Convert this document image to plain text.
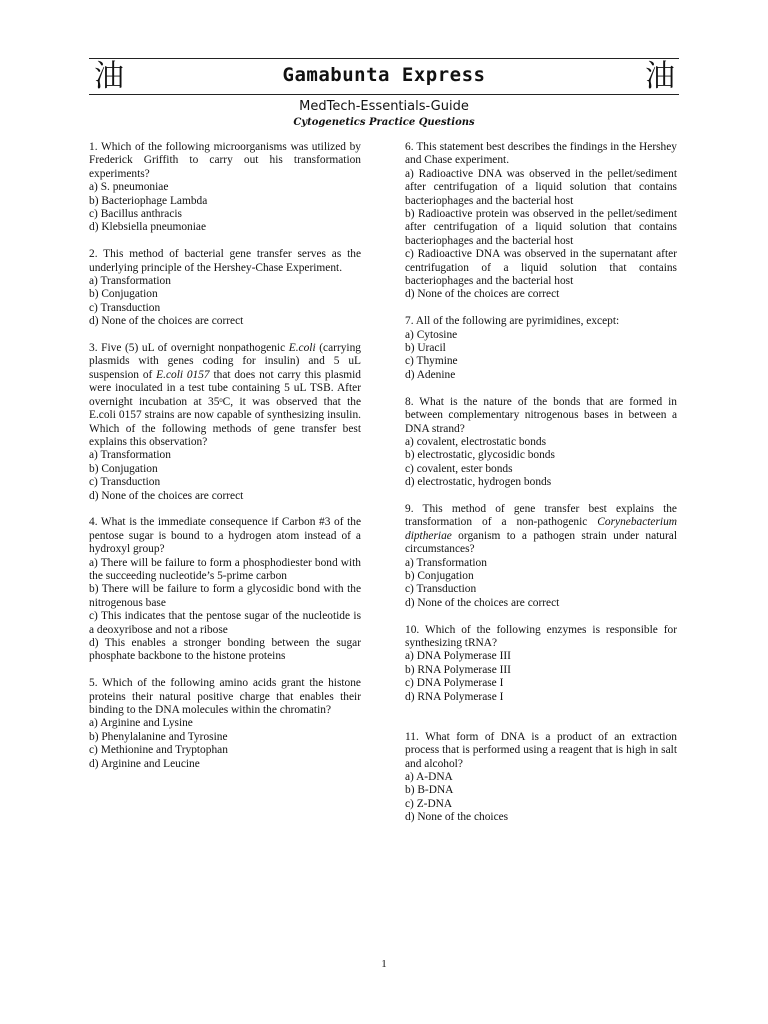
油	Gamabunta Express	油
MedTech-Essentials-Guide
Cytogenetics Practice Questions
1. Which of the following microorganisms was utilized by Frederick Griffith to carry out his transformation experiments?
a) S. pneumoniae
b) Bacteriophage Lambda
c) Bacillus anthracis
d) Klebsiella pneumoniae
2. This method of bacterial gene transfer serves as the underlying principle of the Hershey-Chase Experiment.
a) Transformation
b) Conjugation
c) Transduction
d) None of the choices are correct
3. Five (5) uL of overnight nonpathogenic E.coli (carrying plasmids with genes coding for insulin) and 5 uL suspension of E.coli 0157 that does not carry this plasmid were inoculated in a test tube containing 5 uL TSB. After overnight incubation at 35ᵒC, it was observed that the E.coli 0157 strains are now capable of synthesizing insulin. Which of the following methods of gene transfer best explains this observation?
a) Transformation
b) Conjugation
c) Transduction
d) None of the choices are correct
4. What is the immediate consequence if Carbon #3 of the pentose sugar is bound to a hydrogen atom instead of a hydroxyl group?
a) There will be failure to form a phosphodiester bond with the succeeding nucleotide’s 5-prime carbon
b) There will be failure to form a glycosidic bond with the nitrogenous base
c) This indicates that the pentose sugar of the nucleotide is a deoxyribose and not a ribose
d) This enables a stronger bonding between the sugar phosphate backbone to the histone proteins
5. Which of the following amino acids grant the histone proteins their natural positive charge that enables their binding to the DNA molecules within the chromatin?
a) Arginine and Lysine
b) Phenylalanine and Tyrosine
c) Methionine and Tryptophan
d) Arginine and Leucine
6. This statement best describes the findings in the Hershey and Chase experiment.
a) Radioactive DNA was observed in the pellet/sediment after centrifugation of a liquid solution that contains bacteriophages and the bacterial host
b) Radioactive protein was observed in the pellet/sediment after centrifugation of a liquid solution that contains bacteriophages and the bacterial host
c) Radioactive DNA was observed in the supernatant after centrifugation of a liquid solution that contains bacteriophages and the bacterial host
d) None of the choices are correct
7. All of the following are pyrimidines, except:
a) Cytosine
b) Uracil
c) Thymine
d) Adenine
8. What is the nature of the bonds that are formed in between complementary nitrogenous bases in between a DNA strand?
a) covalent, electrostatic bonds
b) electrostatic, glycosidic bonds
c) covalent, ester bonds
d) electrostatic, hydrogen bonds
9. This method of gene transfer best explains the transformation of a non-pathogenic Corynebacterium diptheriae organism to a pathogen strain under natural circumstances?
a) Transformation
b) Conjugation
c) Transduction
d) None of the choices are correct
10. Which of the following enzymes is responsible for synthesizing tRNA?
a) DNA Polymerase III
b) RNA Polymerase III
c) DNA Polymerase I
d) RNA Polymerase I
11. What form of DNA is a product of an extraction process that is performed using a reagent that is high in salt and alcohol?
a) A-DNA
b) B-DNA
c) Z-DNA
d) None of the choices
1
